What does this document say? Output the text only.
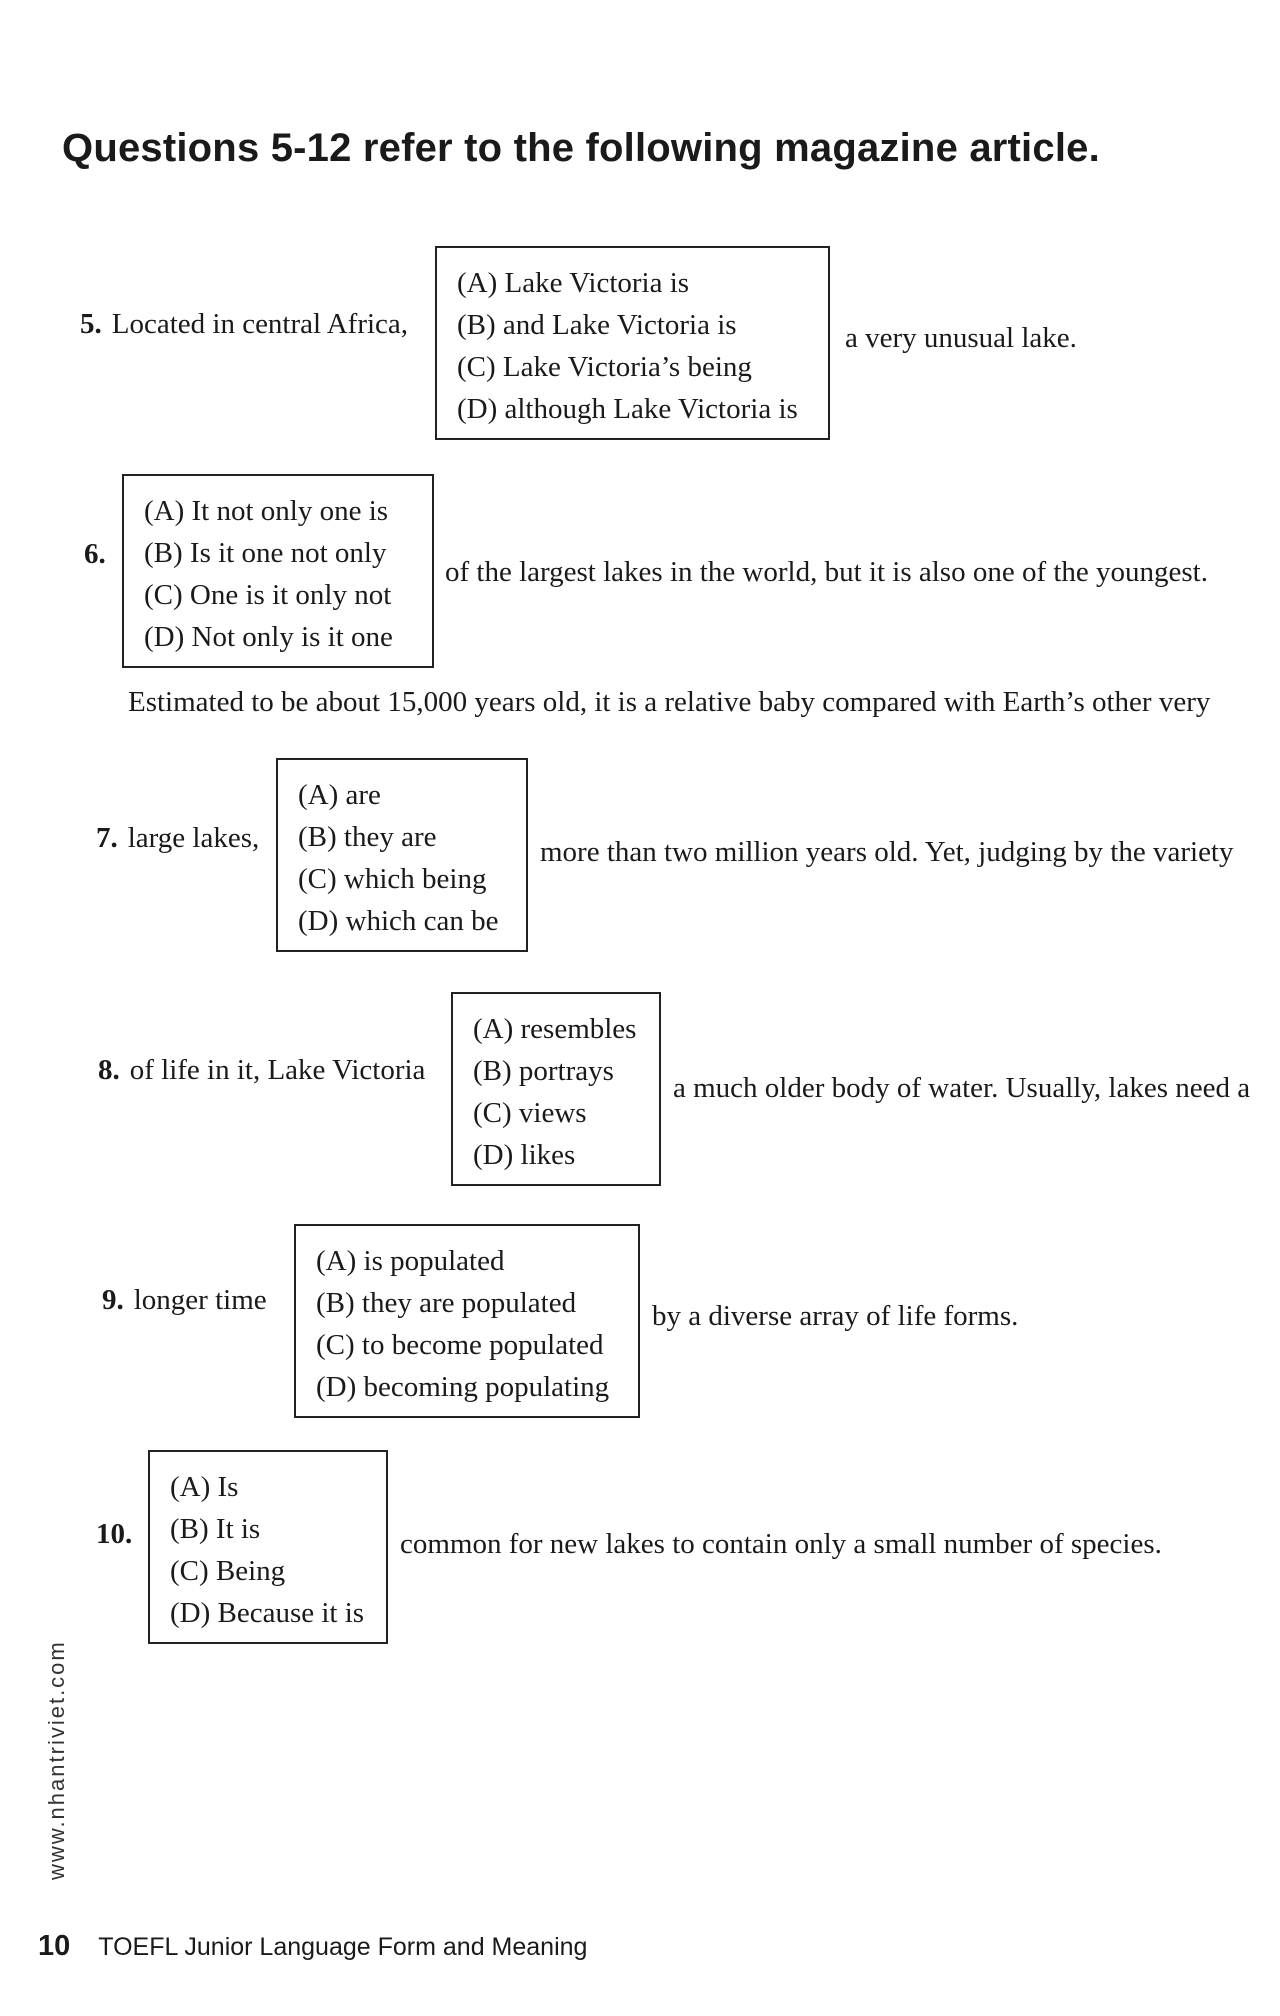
Questions 5-12 refer to the following magazine article.
5. Located in central Africa,
(A) Lake Victoria is
(B) and Lake Victoria is
(C) Lake Victoria’s being
(D) although Lake Victoria is
a very unusual lake.
6.
(A) It not only one is
(B) Is it one not only
(C) One is it only not
(D) Not only is it one
of the largest lakes in the world, but it is also one of the youngest.
Estimated to be about 15,000 years old, it is a relative baby compared with Earth’s other very
7. large lakes,
(A) are
(B) they are
(C) which being
(D) which can be
more than two million years old. Yet, judging by the variety
8. of life in it, Lake Victoria
(A) resembles
(B) portrays
(C) views
(D) likes
a much older body of water. Usually, lakes need a
9. longer time
(A) is populated
(B) they are populated
(C) to become populated
(D) becoming populating
by a diverse array of life forms.
10.
(A) Is
(B) It is
(C) Being
(D) Because it is
common for new lakes to contain only a small number of species.
www.nhantriviet.com
10 TOEFL Junior Language Form and Meaning
